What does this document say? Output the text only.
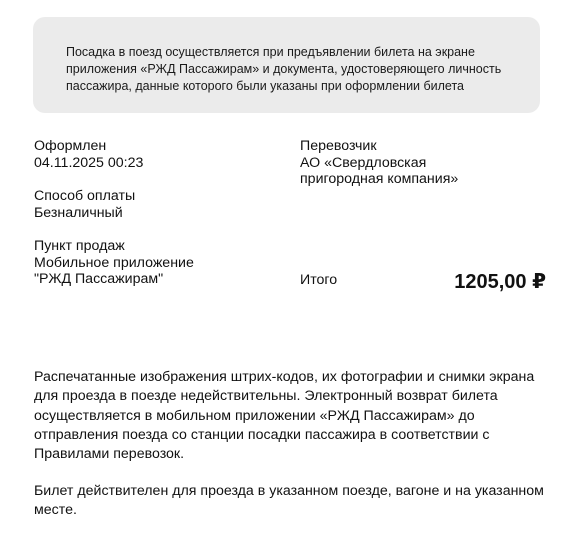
Посадка в поезд осуществляется при предъявлении билета на экране приложения «РЖД Пассажирам» и документа, удостоверяющего личность пассажира, данные которого были указаны при оформлении билета
Оформлен
04.11.2025 00:23
Перевозчик
АО «Свердловская
пригородная компания»
Способ оплаты
Безналичный
Пункт продаж
Мобильное приложение
"РЖД Пассажирам"	Итого	1205,00 ₽

Распечатанные изображения штрих-кодов, их фотографии и снимки экрана для проезда в поезде недействительны. Электронный возврат билета осуществляется в мобильном приложении «РЖД Пассажирам» до отправления поезда со станции посадки пассажира в соответствии с Правилами перевозок.

Билет действителен для проезда в указанном поезде, вагоне и на указанном месте.
